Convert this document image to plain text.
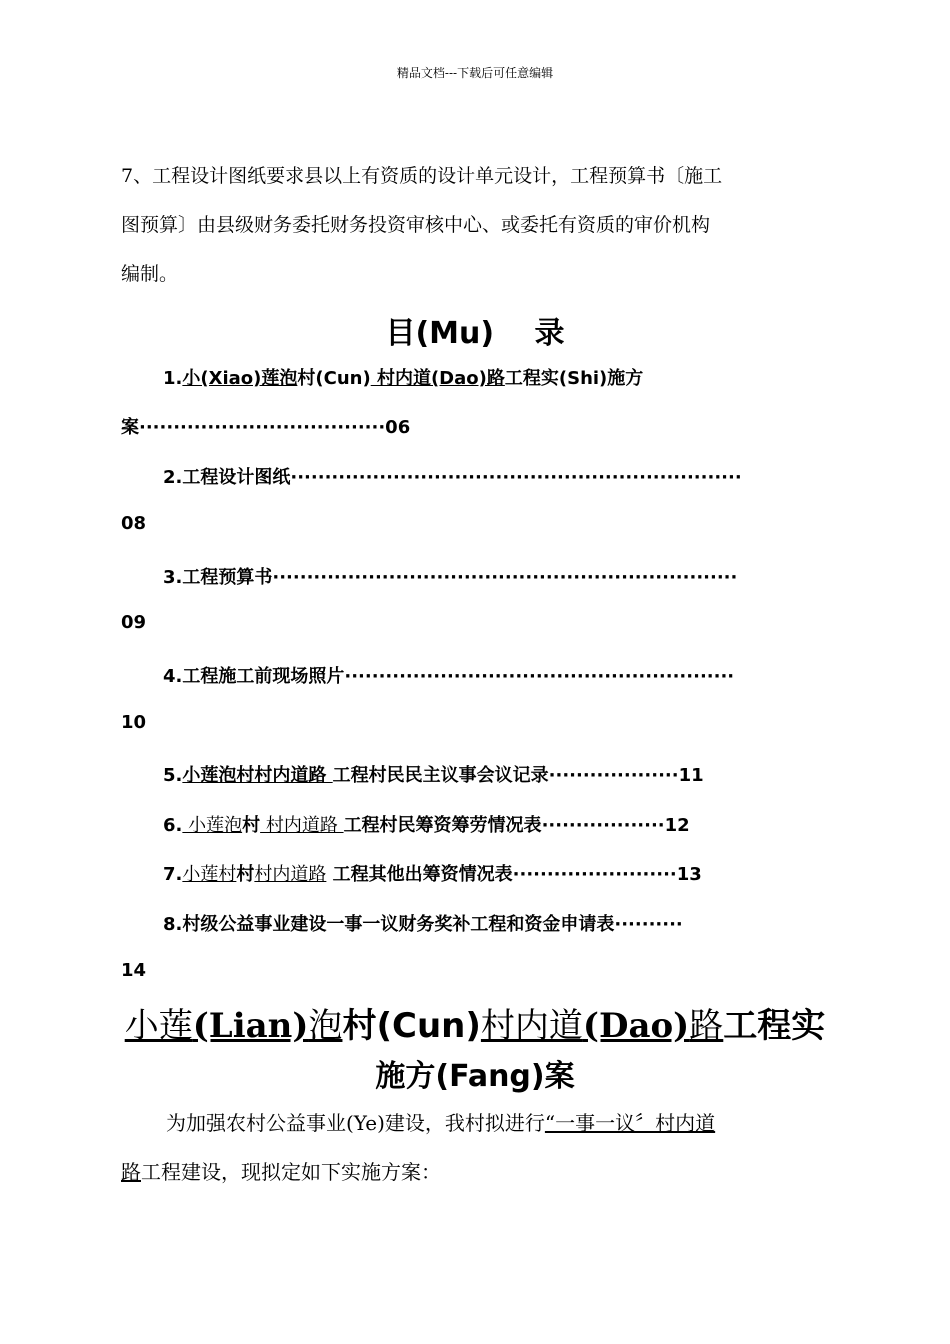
精品文档---下载后可任意编辑
7、工程设计图纸要求县以上有资质的设计单元设计，工程预算书〔施工
图预算〕由县级财务委托财务投资审核中心、或委托有资质的审价机构
编制。
目(Mu)　 录
1.小(Xiao)莲泡村(Cun) 村内道(Dao)路工程实(Shi)施方
案····································06
2.工程设计图纸··································································
08
3.工程预算书····································································
09
4.工程施工前现场照片·························································
10
5.小莲泡村村内道路 工程村民民主议事会议记录···················11
6. 小莲泡村 村内道路 工程村民筹资筹劳情况表··················12
7.小莲村村村内道路 工程其他出筹资情况表························13
8.村级公益事业建设一事一议财务奖补工程和资金申请表··········
14
小莲(Lian)泡村(Cun)村内道(Dao)路工程实
施方(Fang)案
为加强农村公益事业(Ye)建设，我村拟进行“一事一议〞村内道
路工程建设，现拟定如下实施方案：
